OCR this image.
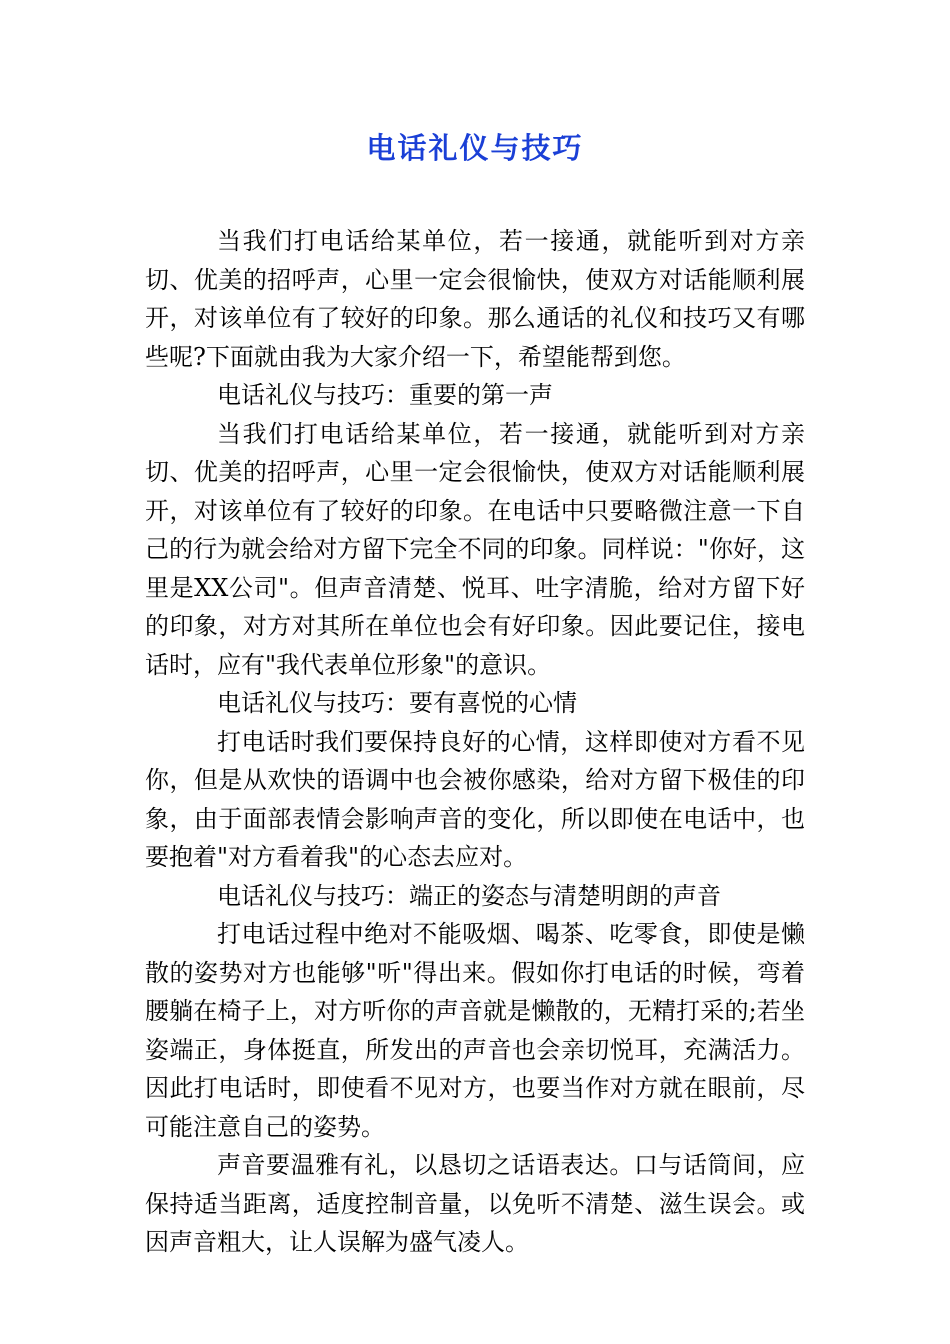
电话礼仪与技巧

当我们打电话给某单位，若一接通，就能听到对方亲切、优美的招呼声，心里一定会很愉快，使双方对话能顺利展开，对该单位有了较好的印象。那么通话的礼仪和技巧又有哪些呢?下面就由我为大家介绍一下，希望能帮到您。

电话礼仪与技巧：重要的第一声

当我们打电话给某单位，若一接通，就能听到对方亲切、优美的招呼声，心里一定会很愉快，使双方对话能顺利展开，对该单位有了较好的印象。在电话中只要略微注意一下自己的行为就会给对方留下完全不同的印象。同样说："你好，这里是XX公司"。但声音清楚、悦耳、吐字清脆，给对方留下好的印象，对方对其所在单位也会有好印象。因此要记住，接电话时，应有"我代表单位形象"的意识。

电话礼仪与技巧：要有喜悦的心情

打电话时我们要保持良好的心情，这样即使对方看不见你，但是从欢快的语调中也会被你感染，给对方留下极佳的印象，由于面部表情会影响声音的变化，所以即使在电话中，也要抱着"对方看着我"的心态去应对。

电话礼仪与技巧：端正的姿态与清楚明朗的声音

打电话过程中绝对不能吸烟、喝茶、吃零食，即使是懒散的姿势对方也能够"听"得出来。假如你打电话的时候，弯着腰躺在椅子上，对方听你的声音就是懒散的，无精打采的;若坐姿端正，身体挺直，所发出的声音也会亲切悦耳，充满活力。因此打电话时，即使看不见对方，也要当作对方就在眼前，尽可能注意自己的姿势。

声音要温雅有礼，以恳切之话语表达。口与话筒间，应保持适当距离，适度控制音量，以免听不清楚、滋生误会。或因声音粗大，让人误解为盛气凌人。
